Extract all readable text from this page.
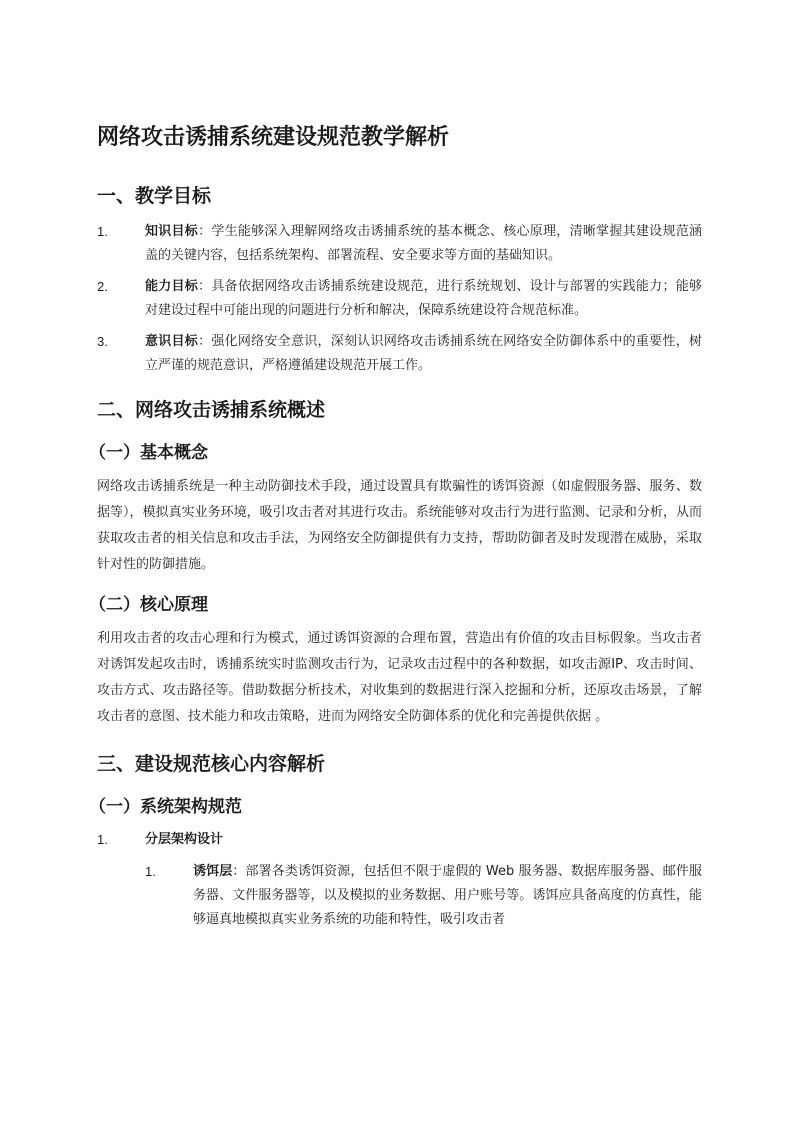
网络攻击诱捕系统建设规范教学解析
一、教学目标
1.	知识目标：学生能够深入理解网络攻击诱捕系统的基本概念、核心原理，清晰掌握其建设规范涵盖的关键内容，包括系统架构、部署流程、安全要求等方面的基础知识。
2.	能力目标：具备依据网络攻击诱捕系统建设规范，进行系统规划、设计与部署的实践能力；能够对建设过程中可能出现的问题进行分析和解决，保障系统建设符合规范标准。
3.	意识目标：强化网络安全意识，深刻认识网络攻击诱捕系统在网络安全防御体系中的重要性，树立严谨的规范意识，严格遵循建设规范开展工作。
二、网络攻击诱捕系统概述
（一）基本概念

网络攻击诱捕系统是一种主动防御技术手段，通过设置具有欺骗性的诱饵资源（如虚假服务器、服务、数据等），模拟真实业务环境，吸引攻击者对其进行攻击。系统能够对攻击行为进行监测、记录和分析，从而获取攻击者的相关信息和攻击手法，为网络安全防御提供有力支持，帮助防御者及时发现潜在威胁，采取针对性的防御措施。

（二）核心原理

利用攻击者的攻击心理和行为模式，通过诱饵资源的合理布置，营造出有价值的攻击目标假象。当攻击者对诱饵发起攻击时，诱捕系统实时监测攻击行为，记录攻击过程中的各种数据，如攻击源IP、攻击时间、攻击方式、攻击路径等。借助数据分析技术，对收集到的数据进行深入挖掘和分析，还原攻击场景，了解攻击者的意图、技术能力和攻击策略，进而为网络安全防御体系的优化和完善提供依据 。

三、建设规范核心内容解析
（一）系统架构规范
1.	分层架构设计
1.	诱饵层：部署各类诱饵资源，包括但不限于虚假的 Web 服务器、数据库服务器、邮件服务器、文件服务器等，以及模拟的业务数据、用户账号等。诱饵应具备高度的仿真性，能够逼真地模拟真实业务系统的功能和特性，吸引攻击者
